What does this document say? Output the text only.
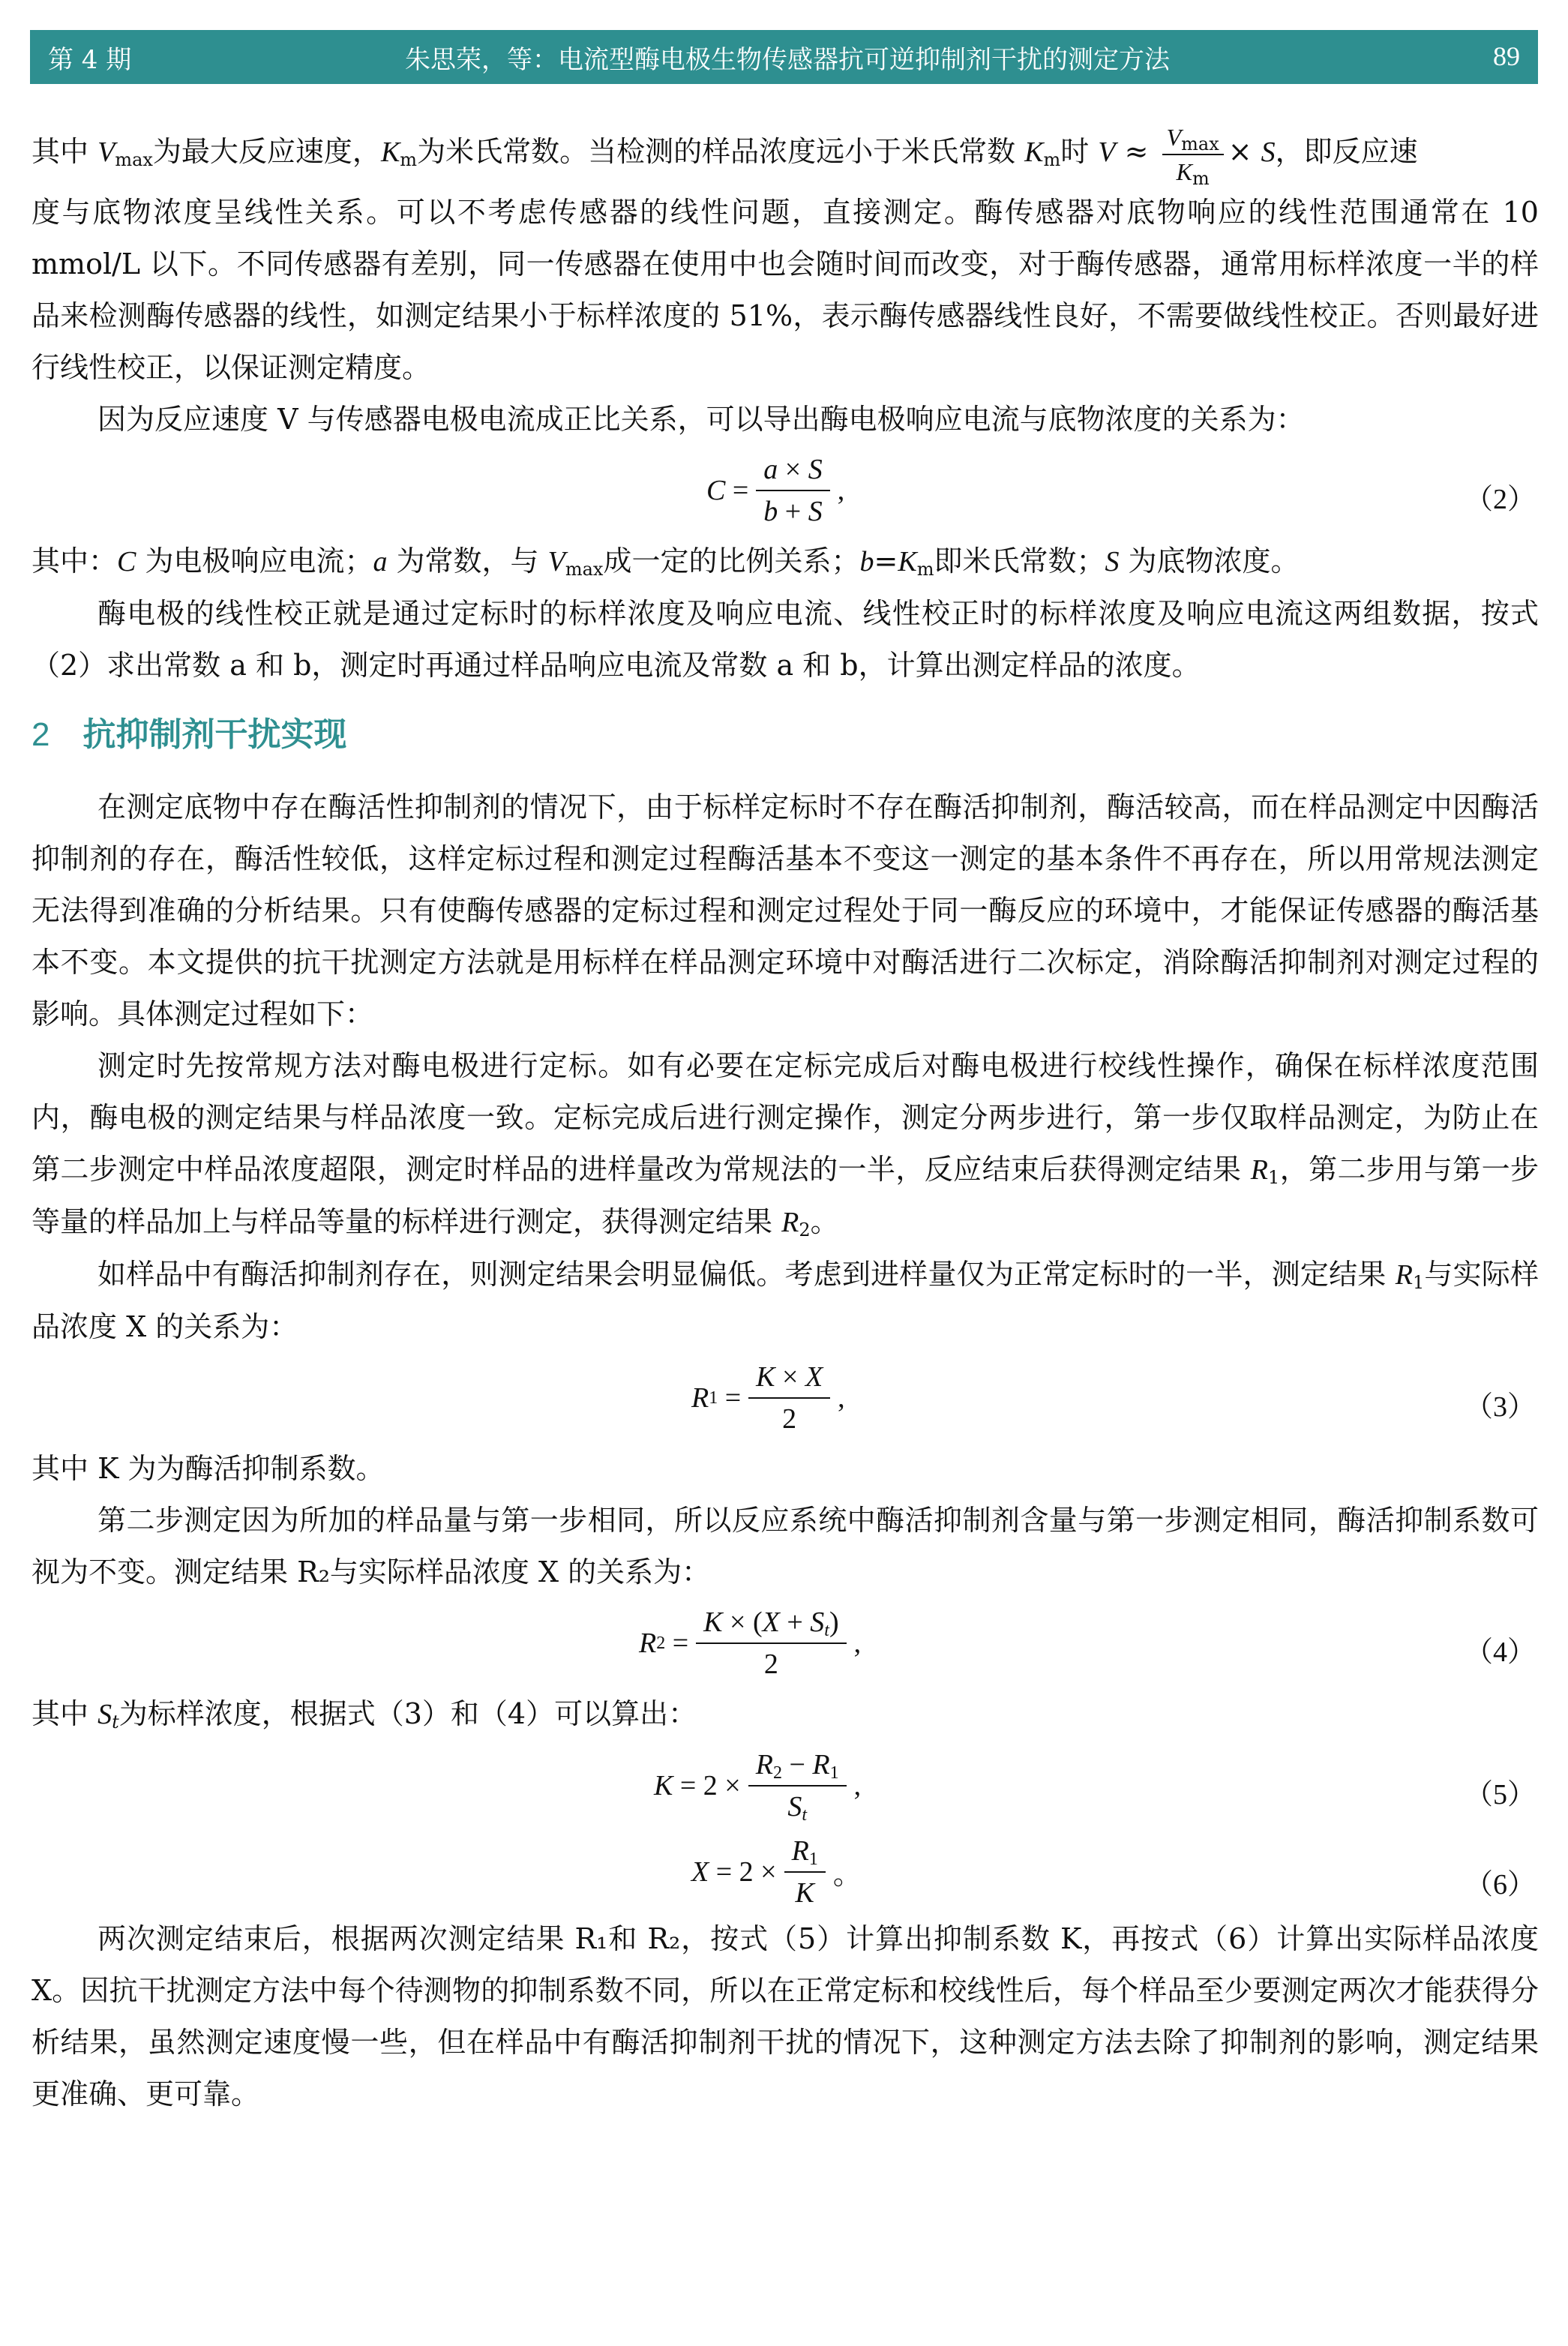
第 4 期	朱思荣，等：电流型酶电极生物传感器抗可逆抑制剂干扰的测定方法	89

其中 $V_{max}$为最大反应速度，$K_m$为米氏常数。当检测的样品浓度远小于米氏常数 $K_m$时 $V \approx \frac{V_{max}}{K_m} \times S$，即反应速

度与底物浓度呈线性关系。可以不考虑传感器的线性问题，直接测定。酶传感器对底物响应的线性范围通常在 10 mmol/L 以下。不同传感器有差别，同一传感器在使用中也会随时间而改变，对于酶传感器，通常用标样浓度一半的样品来检测酶传感器的线性，如测定结果小于标样浓度的 51%，表示酶传感器线性良好，不需要做线性校正。否则最好进行线性校正，以保证测定精度。

因为反应速度 V 与传感器电极电流成正比关系，可以导出酶电极响应电流与底物浓度的关系为：

$C = \frac{a \times S}{b + S}$ ,	（2）

其中：C 为电极响应电流；a 为常数，与 $V_{max}$成一定的比例关系；$b=K_m$即米氏常数；S 为底物浓度。

酶电极的线性校正就是通过定标时的标样浓度及响应电流、线性校正时的标样浓度及响应电流这两组数据，按式（2）求出常数 a 和 b，测定时再通过样品响应电流及常数 a 和 b，计算出测定样品的浓度。

2 抗抑制剂干扰实现

在测定底物中存在酶活性抑制剂的情况下，由于标样定标时不存在酶活抑制剂，酶活较高，而在样品测定中因酶活抑制剂的存在，酶活性较低，这样定标过程和测定过程酶活基本不变这一测定的基本条件不再存在，所以用常规法测定无法得到准确的分析结果。只有使酶传感器的定标过程和测定过程处于同一酶反应的环境中，才能保证传感器的酶活基本不变。本文提供的抗干扰测定方法就是用标样在样品测定环境中对酶活进行二次标定，消除酶活抑制剂对测定过程的影响。具体测定过程如下：

测定时先按常规方法对酶电极进行定标。如有必要在定标完成后对酶电极进行校线性操作，确保在标样浓度范围内，酶电极的测定结果与样品浓度一致。定标完成后进行测定操作，测定分两步进行，第一步仅取样品测定，为防止在第二步测定中样品浓度超限，测定时样品的进样量改为常规法的一半，反应结束后获得测定结果 $R_1$，第二步用与第一步等量的样品加上与样品等量的标样进行测定，获得测定结果 $R_2$。

如样品中有酶活抑制剂存在，则测定结果会明显偏低。考虑到进样量仅为正常定标时的一半，测定结果 $R_1$与实际样品浓度 X 的关系为：

R $1 = \frac{K \times X}{2}$ ,	（3）

其中 K 为为酶活抑制系数。

第二步测定因为所加的样品量与第一步相同，所以反应系统中酶活抑制剂含量与第一步测定相同，酶活抑制系数可视为不变。测定结果 R₂与实际样品浓度 X 的关系为：

R $2 = \frac{K \times (X + S_t)}{2}$ ,	（4）

其中 $S_t$为标样浓度，根据式（3）和（4）可以算出：

$K = 2 \times \frac{R_2 - R_1}{S_t}$ ,	（5）
$X = 2 \times \frac{R_1}{K}$ 。	（6）

两次测定结束后，根据两次测定结果 R₁和 R₂，按式（5）计算出抑制系数 K，再按式（6）计算出实际样品浓度 X。因抗干扰测定方法中每个待测物的抑制系数不同，所以在正常定标和校线性后，每个样品至少要测定两次才能获得分析结果，虽然测定速度慢一些，但在样品中有酶活抑制剂干扰的情况下，这种测定方法去除了抑制剂的影响，测定结果更准确、更可靠。
